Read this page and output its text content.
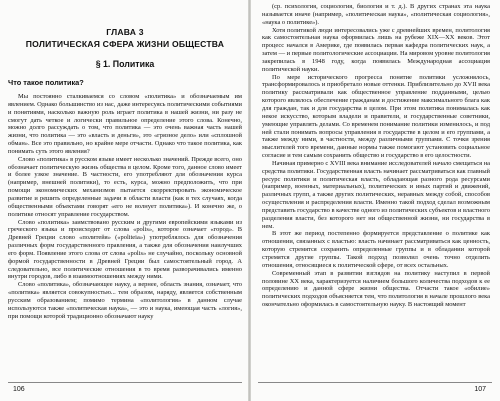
ГЛАВА 3
ПОЛИТИЧЕСКАЯ СФЕРА ЖИЗНИ ОБЩЕСТВА
§ 1. Политика
Что такое политика?

Мы постоянно сталкиваемся со словом «политика» и обозначаемым им явлением. Однако большинство из нас, даже интересуясь политическими событиями и понятиями, насколько важную роль играет политика в нашей жизни, ни разу не смогут дать четкое и логически правильное определение этого слова. Конечно, можно долго рассуждать о том, что политика — это очень важная часть нашей жизни, что политика — это «власть и деньги», это «грязное дело» или «сплошной обман». Все это правильно, но крайне мере отчасти. Однако что такое политика, как понимать суть этого явления?

Слово «политика» в русском языке имеет несколько значений. Прежде всего, оно обозначает политическую жизнь общества в целом. Кроме того, данное слово имеет и более узкое значение. В частности, его употребляют для обозначения курса (например, внешней политики), то есть, курса, можно предположить, что при помощи экономических механизмов пытается скорректировать экономическое развитие и решить определенные задачи в области власти (как в тех случаях, когда общественными объектами говорят «его не волнует политика»). И конечно же, о политике относят управление государством.

Слово «политика» заимствовано русским и другими европейскими языками из греческого языка и происходит от слова «polis», которое означает «город». В Древней Греции слово «политейя» («politeia») употреблялось для обозначения различных форм государственного правления, а также для обозначения наилучших его форм. Появление этого слова от слова «polis» не случайно, поскольку основной формой государственности в Древней Греции был самостоятельный город. А следовательно, все политические отношения в то время разворачивались именно внутри городов, либо в взаимоотношениях между ними.

Слово «политика», обозначающее науку, а вернее, область знания, означает, что «политика» является совокупностью... тем образом, наряду, является собственным русским образованием; помимо термина «политология» в данном случае используются также «политическая наука», — это и наука, имеющая часть «логия», при помощи которой традиционно обозначают науку

106

(ср. психология, социология, биология и т. д.). В других странах эта наука называется иначе (например, «политическая наука», «политическая социология», «наука о политике»).

Хотя политикой люди интересовались уже с древнейших времен, политология как самостоятельная наука оформилась лишь на рубеже XIX—XX веков. Этот процесс начался в Америке, где появилась первая кафедра политических наук, а затем — и первые политологические ассоциации. На мировом уровне политология закрепилась в 1948 году, когда появилась Международная ассоциация политической науки.

По мере исторического прогресса понятие политики усложнялось, трансформировалось и приобретало новые оттенки. Приблизительно до XVII века политику рассматривали как общественное управление подданными, целью которого являлось обеспечение гражданам и достижение максимального блага как для граждан, так и для государства в целом. При этом политика понималась как некое искусство, которым владели и правители, и государственные советники, умеющие управлять делами. Со временем понимание политики изменилось, и под ней стали понимать вопросы управления в государстве в целом и его группами, а также между ними, в частности, между различными группами. С точки зрения мыслителей того времени, данные нормы также помогают установить социальное согласие и тем самым сохранить общество и государство в его целостности.

Начиная примерно с XVIII века внимание исследователей начало смещаться на средства политики. Государственная власть начинает рассматриваться как главный ресурс политики и политическая власть, обладающая разного рода ресурсами (например, военных, материальных), политических и иных партий и движений, различных групп, а также других политических, неравных между собой, способов осуществления и распределения власти. Именно такой подход сделал возможным представить государство в качестве одного из политических субъектов и властного разделения власти, без которого нет ни общественной жизни, ни государства в нем.

В этот же период постепенно формируется представление о политике как отношении, связанных с властью: власть начинает рассматриваться как ценность, которую стремятся сохранить определенные группы и в обладании которой стремятся другие группы. Такой подход позволил очень точно отделить отношения, относящиеся к политической сфере, от всех остальных.

Современный этап в развитии взглядов на политику наступил в первой половине XX века, характеризуется наличием большого количества подходов к ее определению и данной сфере жизни общества. Отчасти такое «обилие» политических подходов объясняется тем, что политология в начале прошлого века окончательно оформилась в самостоятельную науку. В настоящий момент

107
